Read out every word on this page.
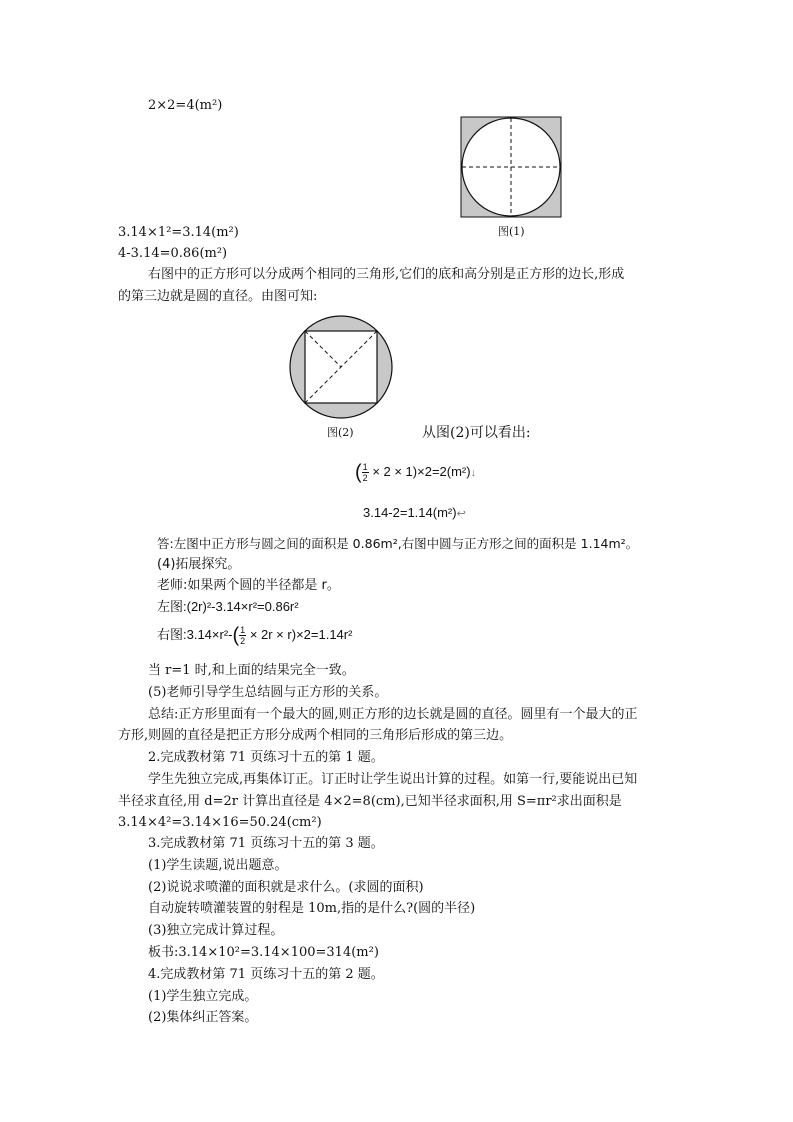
2×2=4(m²)
3.14×1²=3.14(m²)
4-3.14=0.86(m²)
图(1)
右图中的正方形可以分成两个相同的三角形,它们的底和高分别是正方形的边长,形成
的第三边就是圆的直径。由图可知:
图(2)	从图(2)可以看出:
( $\frac{1}{2} \times 2$ × 1)×2=2(m²)↓
3.14-2=1.14(m²)↩
答:左图中正方形与圆之间的面积是 0.86m²,右图中圆与正方形之间的面积是 1.14m²。
(4)拓展探究。
老师:如果两个圆的半径都是 r。
左图:(2r)²-3.14×r²=0.86r²
右图:3.14×r²-( $\frac{1}{2} \times 2r \times r)\times 2=1.14r^2$
当 r=1 时,和上面的结果完全一致。
(5)老师引导学生总结圆与正方形的关系。
总结:正方形里面有一个最大的圆,则正方形的边长就是圆的直径。圆里有一个最大的正
方形,则圆的直径是把正方形分成两个相同的三角形后形成的第三边。
2.完成教材第 71 页练习十五的第 1 题。
学生先独立完成,再集体订正。订正时让学生说出计算的过程。如第一行,要能说出已知
半径求直径,用 d=2r 计算出直径是 4×2=8(cm),已知半径求面积,用 S=πr²求出面积是
3.14×4²=3.14×16=50.24(cm²)
3.完成教材第 71 页练习十五的第 3 题。
(1)学生读题,说出题意。
(2)说说求喷灌的面积就是求什么。(求圆的面积)
自动旋转喷灌装置的射程是 10m,指的是什么?(圆的半径)
(3)独立完成计算过程。
板书:3.14×10²=3.14×100=314(m²)
4.完成教材第 71 页练习十五的第 2 题。
(1)学生独立完成。
(2)集体纠正答案。
